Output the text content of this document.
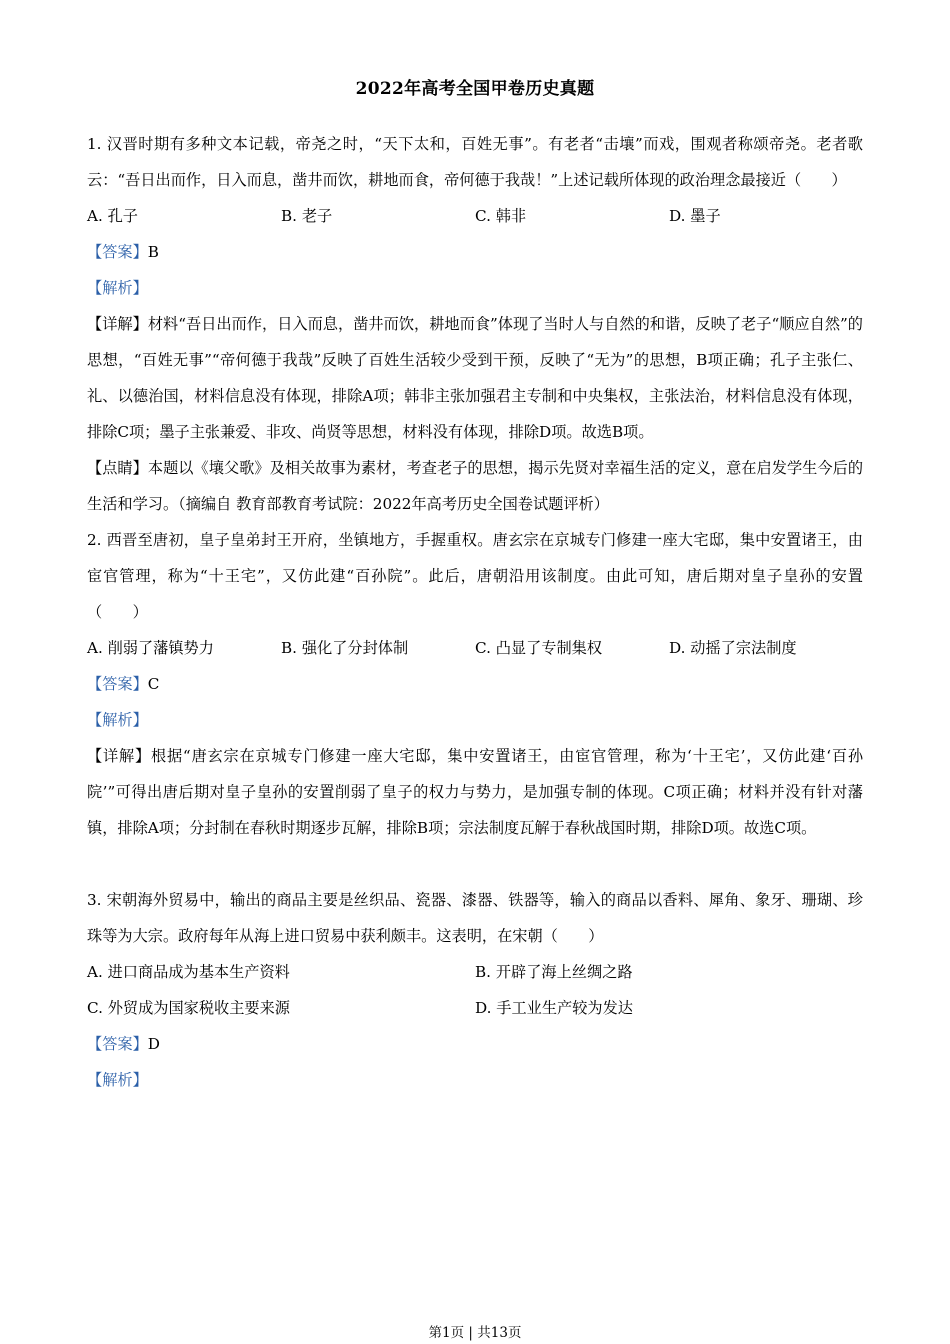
2022年高考全国甲卷历史真题

1. 汉晋时期有多种文本记载，帝尧之时，“天下太和，百姓无事”。有老者“击壤”而戏，围观者称颂帝尧。老者歌云：“吾日出而作，日入而息，凿井而饮，耕地而食，帝何德于我哉！”上述记载所体现的政治理念最接近（　　）

A. 孔子	B. 老子	C. 韩非	D. 墨子

【答案】B

【解析】

【详解】材料“吾日出而作，日入而息，凿井而饮，耕地而食”体现了当时人与自然的和谐，反映了老子“顺应自然”的思想，“百姓无事”“帝何德于我哉”反映了百姓生活较少受到干预，反映了“无为”的思想，B项正确；孔子主张仁、礼、以德治国，材料信息没有体现，排除A项；韩非主张加强君主专制和中央集权，主张法治，材料信息没有体现，排除C项；墨子主张兼爱、非攻、尚贤等思想，材料没有体现，排除D项。故选B项。

【点睛】本题以《壤父歌》及相关故事为素材，考查老子的思想，揭示先贤对幸福生活的定义，意在启发学生今后的生活和学习。（摘编自 教育部教育考试院：2022年高考历史全国卷试题评析）

2. 西晋至唐初，皇子皇弟封王开府，坐镇地方，手握重权。唐玄宗在京城专门修建一座大宅邸，集中安置诸王，由宦官管理，称为“十王宅”，又仿此建“百孙院”。此后，唐朝沿用该制度。由此可知，唐后期对皇子皇孙的安置（　　）

A. 削弱了藩镇势力	B. 强化了分封体制	C. 凸显了专制集权	D. 动摇了宗法制度

【答案】C

【解析】

【详解】根据“唐玄宗在京城专门修建一座大宅邸，集中安置诸王，由宦官管理，称为‘十王宅’，又仿此建‘百孙院’”可得出唐后期对皇子皇孙的安置削弱了皇子的权力与势力，是加强专制的体现。C项正确；材料并没有针对藩镇，排除A项；分封制在春秋时期逐步瓦解，排除B项；宗法制度瓦解于春秋战国时期，排除D项。故选C项。

3. 宋朝海外贸易中，输出的商品主要是丝织品、瓷器、漆器、铁器等，输入的商品以香料、犀角、象牙、珊瑚、珍珠等为大宗。政府每年从海上进口贸易中获利颇丰。这表明，在宋朝（　　）

A. 进口商品成为基本生产资料	B. 开辟了海上丝绸之路
C. 外贸成为国家税收主要来源	D. 手工业生产较为发达

【答案】D

【解析】

第1页 | 共13页
